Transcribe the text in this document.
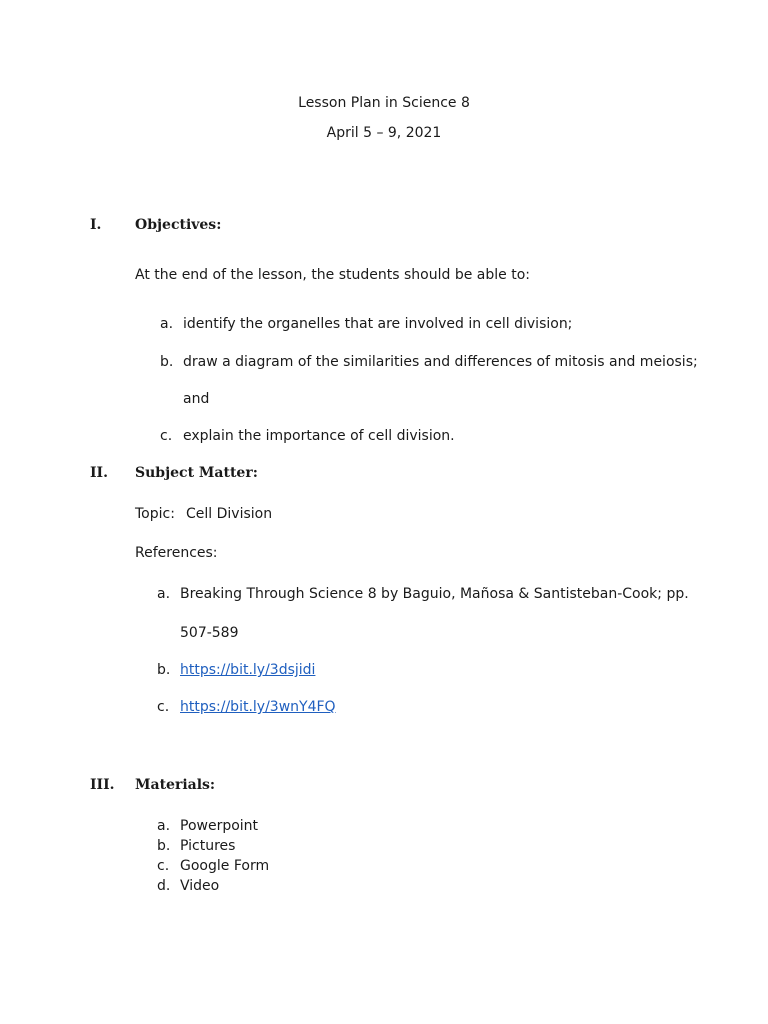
Lesson Plan in Science 8
April 5 – 9, 2021
I. Objectives:
At the end of the lesson, the students should be able to:
a. identify the organelles that are involved in cell division;
b. draw a diagram of the similarities and differences of mitosis and meiosis;
and
c. explain the importance of cell division.
II. Subject Matter:
Topic: Cell Division
References:
a. Breaking Through Science 8 by Baguio, Mañosa & Santisteban-Cook; pp.
507-589
b. https://bit.ly/3dsjidi
c. https://bit.ly/3wnY4FQ
III. Materials:
a. Powerpoint
b. Pictures
c. Google Form
d. Video
